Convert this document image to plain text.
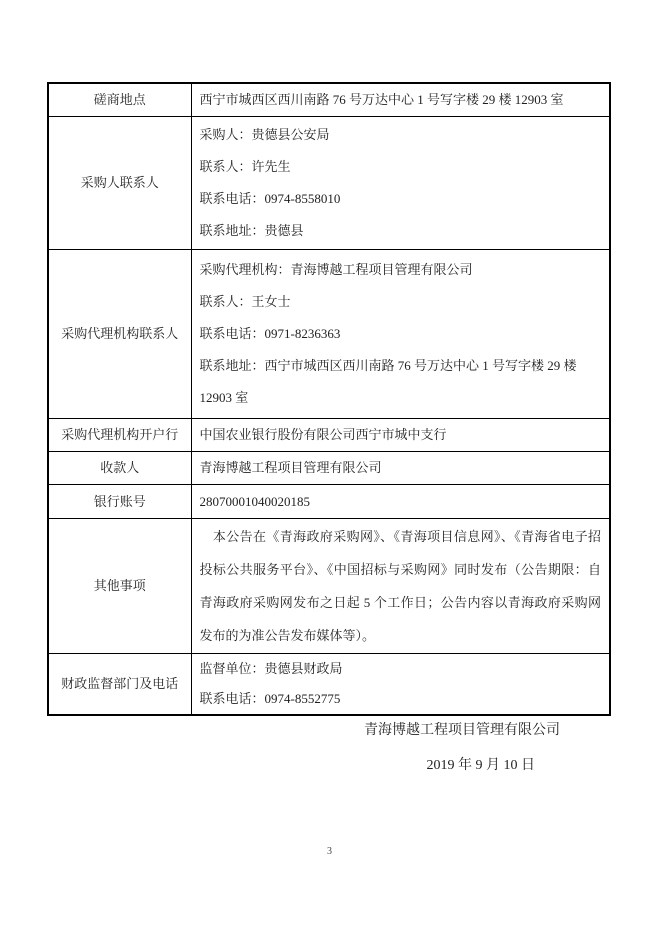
磋商地点	西宁市城西区西川南路 76 号万达中心 1 号写字楼 29 楼 12903 室

采购人联系人	采购人：贵德县公安局
联系人：许先生
联系电话：0974-8558010
联系地址：贵德县

采购代理机构联系人	采购代理机构：青海博越工程项目管理有限公司
联系人：王女士
联系电话：0971-8236363
联系地址：西宁市城西区西川南路 76 号万达中心 1 号写字楼 29 楼 12903 室

采购代理机构开户行	中国农业银行股份有限公司西宁市城中支行

收款人	青海博越工程项目管理有限公司

银行账号	28070001040020185

其他事项	　本公告在《青海政府采购网》、《青海项目信息网》、《青海省电子招投标公共服务平台》、《中国招标与采购网》同时发布（公告期限：自青海政府采购网发布之日起 5 个工作日；公告内容以青海政府采购网发布的为准公告发布媒体等）。

财政监督部门及电话	监督单位：贵德县财政局
联系电话：0974-8552775
青海博越工程项目管理有限公司
2019 年 9 月 10 日
3
